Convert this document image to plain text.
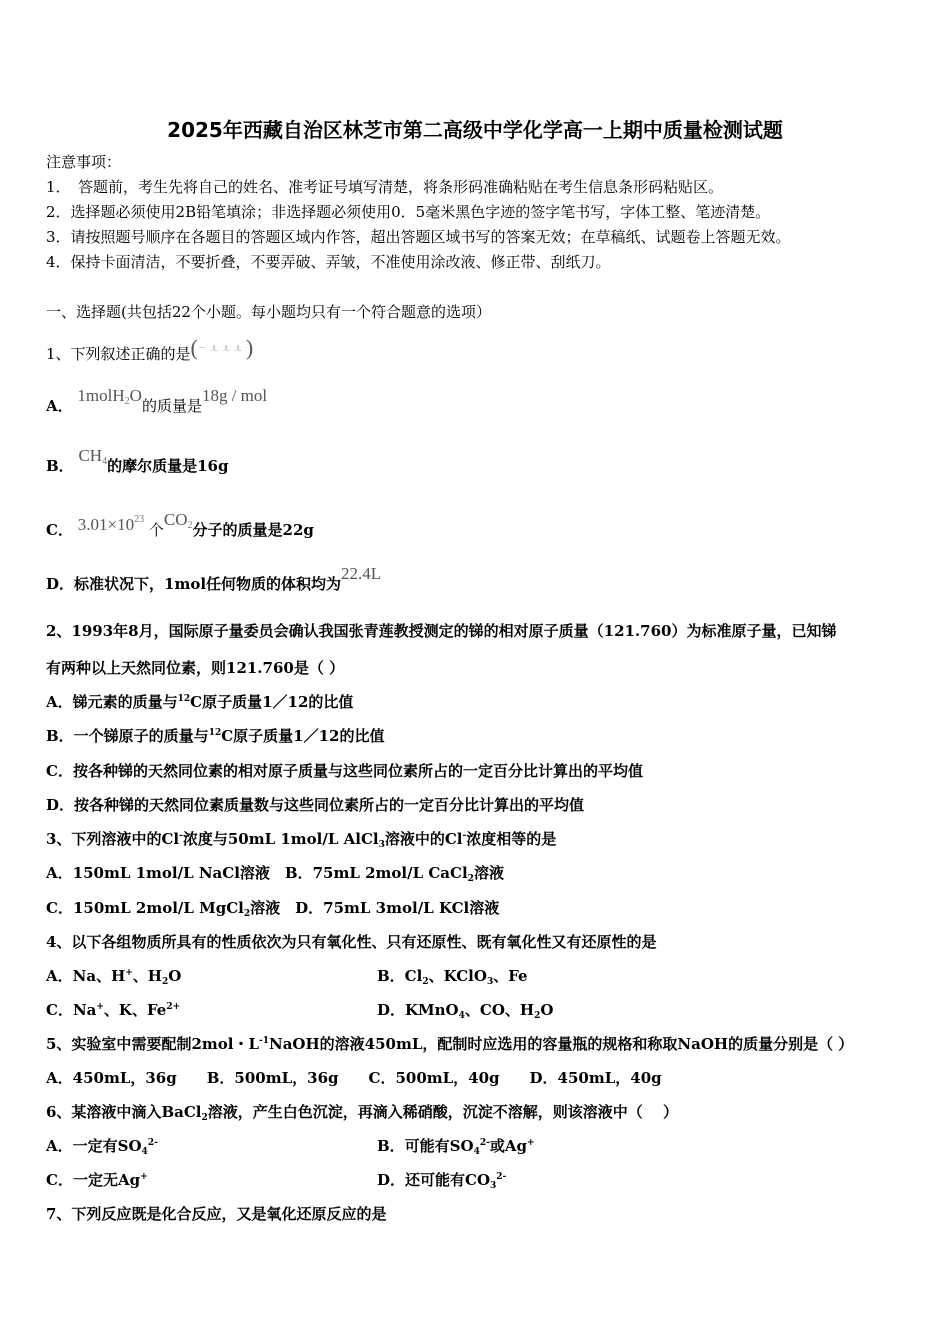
2025年西藏自治区林芝市第二高级中学化学高一上期中质量检测试题
注意事项：
1．　答题前，考生先将自己的姓名、准考证号填写清楚，将条形码准确粘贴在考生信息条形码粘贴区。
2．选择题必须使用2B铅笔填涂；非选择题必须使用0．5毫米黑色字迹的签字笔书写，字体工整、笔迹清楚。
3．请按照题号顺序在各题目的答题区域内作答，超出答题区域书写的答案无效；在草稿纸、试题卷上答题无效。
4．保持卡面清洁，不要折叠，不要弄破、弄皱，不准使用涂改液、修正带、刮纸刀。
一、选择题(共包括22个小题。每小题均只有一个符合题意的选项）
1、下列叙述正确的是($^{ㄧㄦㄦㄦ}$)
A． 1molH$_2$O的质量是18g / mol
B． $CH_4$的摩尔质量是16g
C． $3.01\times 10^{23}$ 个$CO_2$分子的质量是22g
D．标准状况下，1mol任何物质的体积均为22.4L
2、1993年8月，国际原子量委员会确认我国张青莲教授测定的锑的相对原子质量（121.760）为标准原子量，已知锑
有两种以上天然同位素，则121.760是（ ）
A．锑元素的质量与$^{12}$C原子质量1／12的比值
B．一个锑原子的质量与$^{12}$C原子质量1／12的比值
C．按各种锑的天然同位素的相对原子质量与这些同位素所占的一定百分比计算出的平均值
D．按各种锑的天然同位素质量数与这些同位素所占的一定百分比计算出的平均值
3、下列溶液中的Cl-浓度与50mL 1mol/L AlCl$_3$溶液中的Cl-浓度相等的是
A．150mL 1mol/L NaCl溶液　B．75mL 2mol/L CaCl$_2$溶液
C．150mL 2mol/L MgCl$_2$溶液　D．75mL 3mol/L KCl溶液
4、以下各组物质所具有的性质依次为只有氧化性、只有还原性、既有氧化性又有还原性的是
A．Na、H+、$H_2O$	B．$Cl_2$、KClO$_3$、Fe
C．Na+、K、$Fe^{2+}$	D．KMnO$_4$、CO、$H_2O$
5、实验室中需要配制2mol・$L^{-1}NaOH$的溶液450mL，配制时应选用的容量瓶的规格和称取NaOH的质量分别是（ ）
A．450mL，36g　　B．500mL，36g　　C．500mL，40g　　D．450mL，40g
6、某溶液中滴入BaCl$_2$溶液，产生白色沉淀，再滴入稀硝酸，沉淀不溶解，则该溶液中（　 ）
A．一定有$SO_4^{2-}$	B．可能有$SO_4^{2-}$或Ag+
C．一定无Ag+	D．还可能有$CO_3^{2-}$
7、下列反应既是化合反应，又是氧化还原反应的是
